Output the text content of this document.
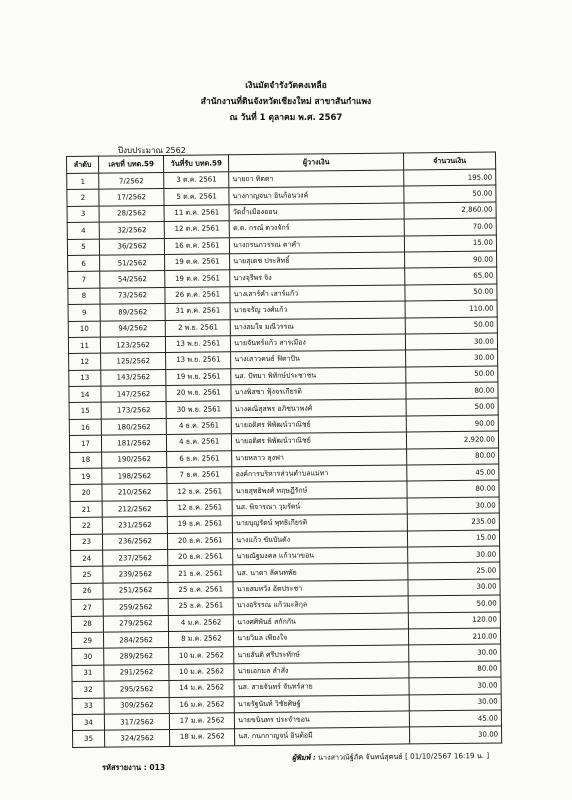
เงินมัดจำรังวัดคงเหลือ
สำนักงานที่ดินจังหวัดเชียงใหม่ สาขาสันกำแพง
ณ วันที่ 1 ตุลาคม พ.ศ. 2567
ปีงบประมาณ 2562
ลำดับ	เลขที่ บทด.59	วันที่รับ บทด.59	ผู้วางเงิน	จำนวนเงิน
1	7/2562	3 ต.ค. 2561	นายถา ทิตตา	195.00
2	17/2562	5 ต.ค. 2561	นางกาญจนา อินก้อนวงค์	50.00
3	28/2562	11 ต.ค. 2561	วัดถ้ำเมืองออน	2,860.00
4	32/2562	12 ต.ค. 2561	ต.ต. กรณ์ ดวงจักร์	70.00
5	36/2562	16 ต.ค. 2561	นางกรนภวรรณ ตาคำ	15.00
6	51/2562	19 ต.ค. 2561	นายสุเดช ประสิทธิ์	90.00
7	54/2562	19 ต.ค. 2561	นางจุรีพร จิง	65.00
8	73/2562	26 ต.ค. 2561	นางเสาร์คำ เสาร์แก้ว	50.00
9	89/2562	31 ต.ค. 2561	นายจรัญ วงศ์แก้ว	110.00
10	94/2562	2 พ.ย. 2561	นางสมใจ มณีวรรณ	50.00
11	123/2562	13 พ.ย. 2561	นายจันทร์แก้ว สารเมือง	30.00
12	125/2562	13 พ.ย. 2561	นางเสาวคนธ์ ฟิตาปัน	30.00
13	143/2562	19 พ.ย. 2561	นส. ปัทมา พิทักษ์ประชาชน	50.00
14	147/2562	20 พ.ย. 2561	นางพิสชา ฟุ้งจรเกียรติ	80.00
15	173/2562	30 พ.ย. 2561	นางคณิสุสพร อภิชนาพงศ์	50.00
16	180/2562	4 ธ.ค. 2561	นายอดิศร พิพัฒน์วาณิชย์	90.00
17	181/2562	4 ธ.ค. 2561	นายอดิศร พิพัฒน์วาณิชย์	2,920.00
18	190/2562	6 ธ.ค. 2561	นายหลาว ลุงฟา	80.00
19	198/2562	7 ธ.ค. 2561	องค์การบริหารส่วนตำบลแม่ทา	45.00
20	210/2562	12 ธ.ค. 2561	นายสุทธิพงศ์ ทฤษฎีรักษ์	80.00
21	212/2562	12 ธ.ค. 2561	นส. พิจารณา วุมรัตน์	30.00
22	231/2562	19 ธ.ค. 2561	นายบุญรัตน์ พุทธิเกียรติ	235.00
23	236/2562	20 ธ.ค. 2561	นางแก้ว ขันบันดัง	15.00
24	237/2562	20 ธ.ค. 2561	นายณัฐมงคล แก้วนาขอน	30.00
25	239/2562	21 ธ.ค. 2561	นส. นาตา ลัคนทพัย	25.00
26	251/2562	25 ธ.ค. 2561	นายสมหวัง อัตประชา	30.00
27	259/2562	25 ธ.ค. 2561	นางอริรรณ แก้วมะลิกุล	50.00
28	279/2562	4 ม.ค. 2562	นางศศิพันธ์ สกักกัน	120.00
29	284/2562	8 ม.ค. 2562	นายวิมล เพียงใจ	210.00
30	289/2562	10 ม.ค. 2562	นายสันติ ศรีประทักษ์	30.00
31	291/2562	10 ม.ค. 2562	นายเอกมล ลำสั่ง	80.00
32	295/2562	14 ม.ค. 2562	นส. สายจันทร์ จันทร์สาย	30.00
33	309/2562	16 ม.ค. 2562	นายรัฐนันท์ วิชัยศิษฐ์	30.00
34	317/2562	17 ม.ค. 2562	นายขนินทร ประจำขอน	45.00
35	324/2562	18 ม.ค. 2562	นส. กนกกาญจน์ อินต้อมี	30.00
รหัสรายงาน : 013
ผู้พิมพ์ : นางสาวณัฐ์ภัค จันทน์สุคนธ์ [ 01/10/2567 16:19 น. ]
